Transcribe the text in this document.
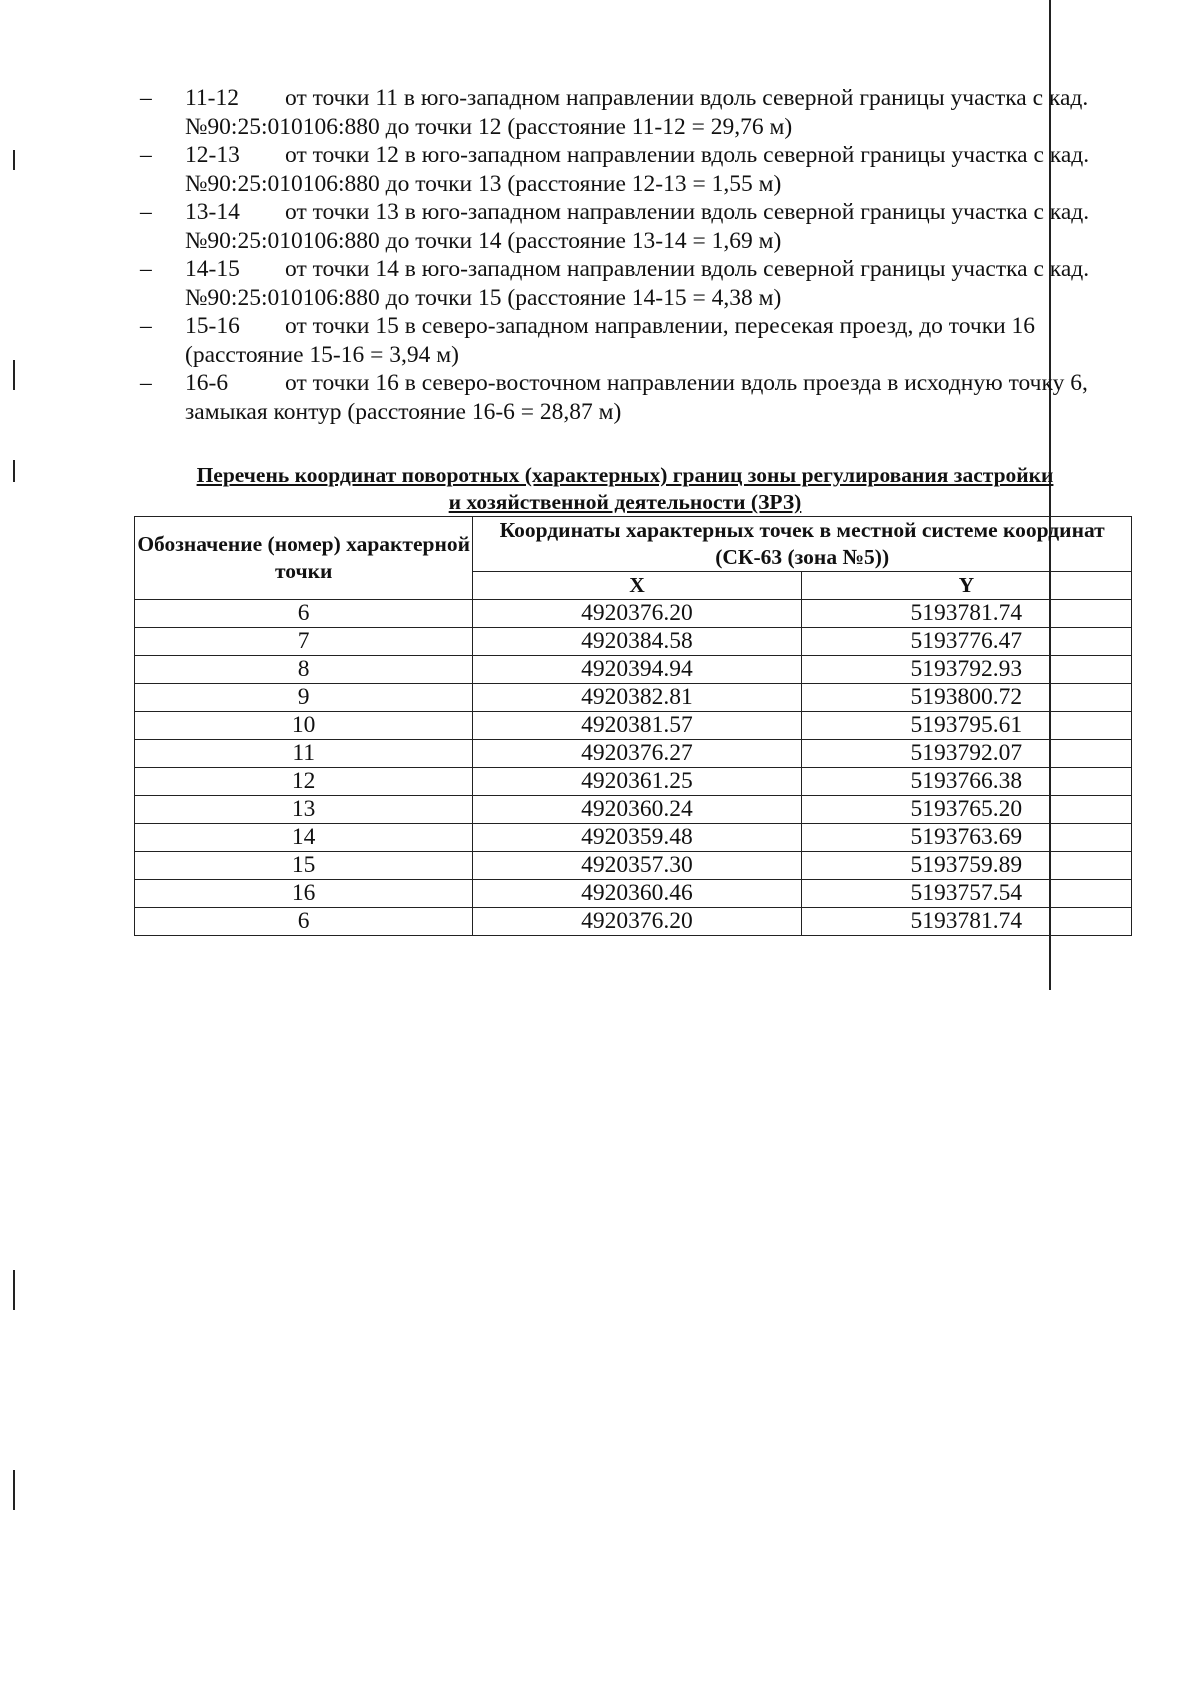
–	11-12 от точки 11 в юго-западном направлении вдоль северной границы участка с кад. №90:25:010106:880 до точки 12 (расстояние 11-12 = 29,76 м)
–	12-13 от точки 12 в юго-западном направлении вдоль северной границы участка с кад. №90:25:010106:880 до точки 13 (расстояние 12-13 = 1,55 м)
–	13-14 от точки 13 в юго-западном направлении вдоль северной границы участка с кад. №90:25:010106:880 до точки 14 (расстояние 13-14 = 1,69 м)
–	14-15 от точки 14 в юго-западном направлении вдоль северной границы участка с кад. №90:25:010106:880 до точки 15 (расстояние 14-15 = 4,38 м)
–	15-16 от точки 15 в северо-западном направлении, пересекая проезд, до точки 16 (расстояние 15-16 = 3,94 м)
–	16-6 от точки 16 в северо-восточном направлении вдоль проезда в исходную точку 6, замыкая контур (расстояние 16-6 = 28,87 м)
Перечень координат поворотных (характерных) границ зоны регулирования застройки
и хозяйственной деятельности (ЗРЗ)
Обозначение (номер) характерной точки	Координаты характерных точек в местной системе координат (СК-63 (зона №5))	
	X	Y
6	4920376.20	5193781.74
7	4920384.58	5193776.47
8	4920394.94	5193792.93
9	4920382.81	5193800.72
10	4920381.57	5193795.61
11	4920376.27	5193792.07
12	4920361.25	5193766.38
13	4920360.24	5193765.20
14	4920359.48	5193763.69
15	4920357.30	5193759.89
16	4920360.46	5193757.54
6	4920376.20	5193781.74
